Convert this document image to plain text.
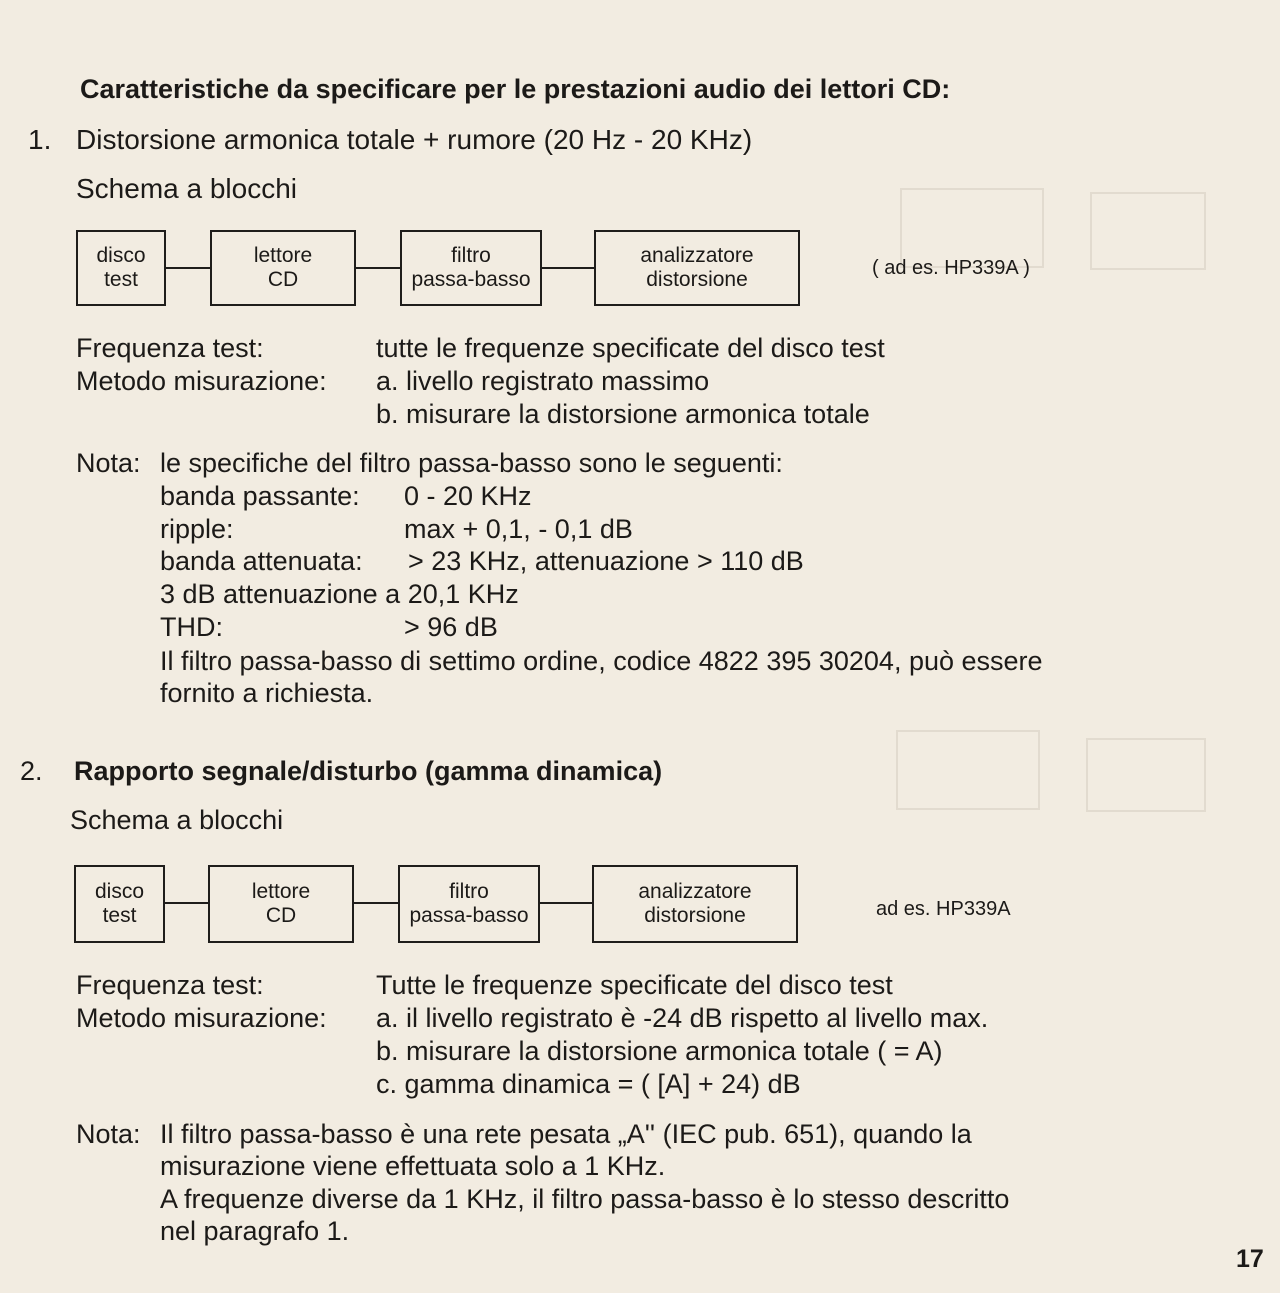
Caratteristiche da specificare per le prestazioni audio dei lettori CD:
1. Distorsione armonica totale + rumore (20 Hz - 20 KHz)
Schema a blocchi
disco
test
lettore
CD
filtro
passa-basso
analizzatore
distorsione	( ad es. HP339A )
Frequenza test:	tutte le frequenze specificate del disco test
Metodo misurazione: a. livello registrato massimo
b. misurare la distorsione armonica totale
Nota: le specifiche del filtro passa-basso sono le seguenti:
banda passante: 0 - 20 KHz
ripple:	max + 0,1, - 0,1 dB
banda attenuata: > 23 KHz, attenuazione > 110 dB
3 dB attenuazione a 20,1 KHz
THD:	> 96 dB
Il filtro passa-basso di settimo ordine, codice 4822 395 30204, può essere
fornito a richiesta.
2. Rapporto segnale/disturbo (gamma dinamica)
Schema a blocchi
disco
test
lettore
CD
filtro
passa-basso
analizzatore
distorsione	ad es. HP339A
Frequenza test:	Tutte le frequenze specificate del disco test
Metodo misurazione: a. il livello registrato è -24 dB rispetto al livello max.
b. misurare la distorsione armonica totale ( = A)
c. gamma dinamica = ( [A] + 24) dB
Nota: Il filtro passa-basso è una rete pesata „A'' (IEC pub. 651), quando la
misurazione viene effettuata solo a 1 KHz.
A frequenze diverse da 1 KHz, il filtro passa-basso è lo stesso descritto
nel paragrafo 1.
17
